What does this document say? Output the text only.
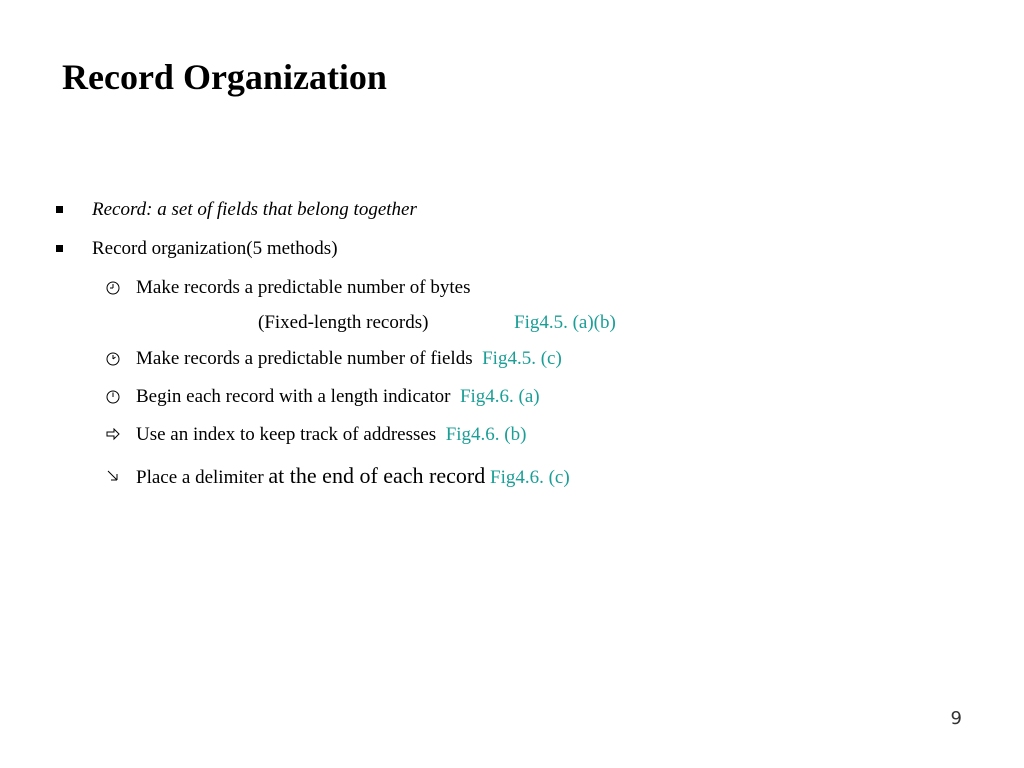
Record Organization
Record: a set of fields that belong together
Record organization(5 methods)
Make records a predictable number of bytes
(Fixed-length records)	Fig4.5. (a)(b)
Make records a predictable number of fields Fig4.5. (c)
Begin each record with a length indicator Fig4.6. (a)
Use an index to keep track of addresses Fig4.6. (b)
Place a delimiter at the end of each record Fig4.6. (c)
9
